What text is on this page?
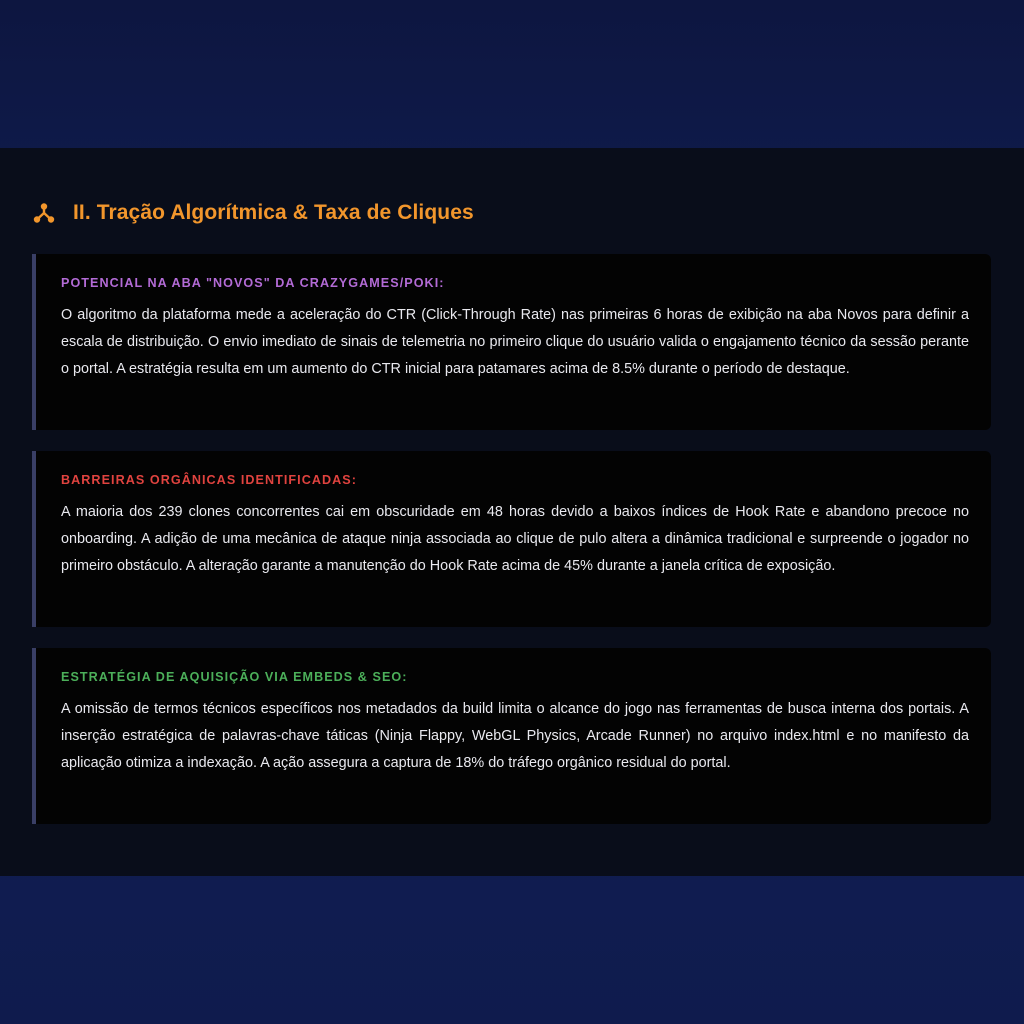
II. Tração Algorítmica & Taxa de Cliques
POTENCIAL NA ABA "NOVOS" DA CRAZYGAMES/POKI:

O algoritmo da plataforma mede a aceleração do CTR (Click-Through Rate) nas primeiras 6 horas de exibição na aba Novos para definir a escala de distribuição. O envio imediato de sinais de telemetria no primeiro clique do usuário valida o engajamento técnico da sessão perante o portal. A estratégia resulta em um aumento do CTR inicial para patamares acima de 8.5% durante o período de destaque.

BARREIRAS ORGÂNICAS IDENTIFICADAS:

A maioria dos 239 clones concorrentes cai em obscuridade em 48 horas devido a baixos índices de Hook Rate e abandono precoce no onboarding. A adição de uma mecânica de ataque ninja associada ao clique de pulo altera a dinâmica tradicional e surpreende o jogador no primeiro obstáculo. A alteração garante a manutenção do Hook Rate acima de 45% durante a janela crítica de exposição.

ESTRATÉGIA DE AQUISIÇÃO VIA EMBEDS & SEO:

A omissão de termos técnicos específicos nos metadados da build limita o alcance do jogo nas ferramentas de busca interna dos portais. A inserção estratégica de palavras-chave táticas (Ninja Flappy, WebGL Physics, Arcade Runner) no arquivo index.html e no manifesto da aplicação otimiza a indexação. A ação assegura a captura de 18% do tráfego orgânico residual do portal.
